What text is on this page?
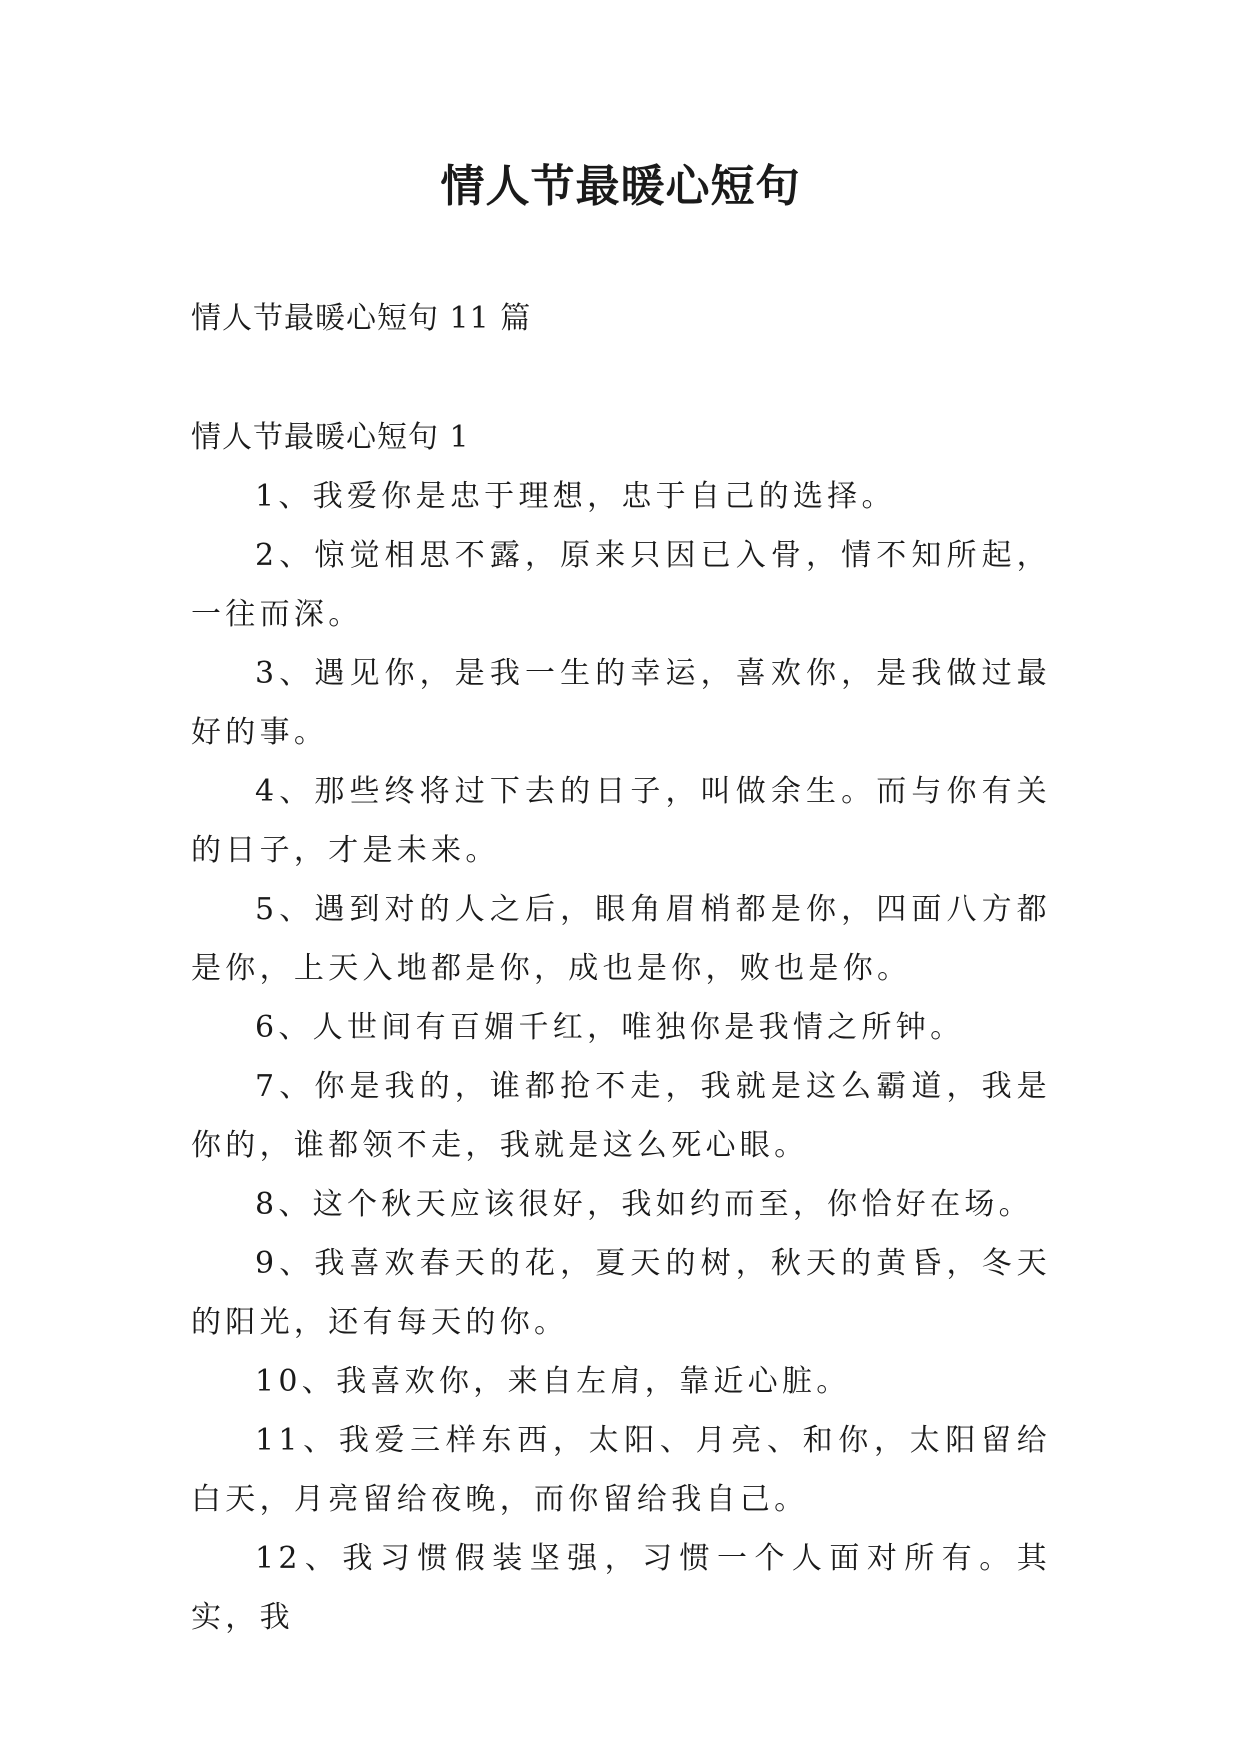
情人节最暖心短句

情人节最暖心短句 11 篇

情人节最暖心短句 1

1、我爱你是忠于理想，忠于自己的选择。

2、惊觉相思不露，原来只因已入骨，情不知所起，一往而深。

3、遇见你，是我一生的幸运，喜欢你，是我做过最好的事。

4、那些终将过下去的日子，叫做余生。而与你有关的日子，才是未来。

5、遇到对的人之后，眼角眉梢都是你，四面八方都是你，上天入地都是你，成也是你，败也是你。

6、人世间有百媚千红，唯独你是我情之所钟。

7、你是我的，谁都抢不走，我就是这么霸道，我是你的，谁都领不走，我就是这么死心眼。

8、这个秋天应该很好，我如约而至，你恰好在场。

9、我喜欢春天的花，夏天的树，秋天的黄昏，冬天的阳光，还有每天的你。

10、我喜欢你，来自左肩，靠近心脏。

11、我爱三样东西，太阳、月亮、和你，太阳留给白天，月亮留给夜晚，而你留给我自己。

12、我习惯假装坚强，习惯一个人面对所有。其实，我
